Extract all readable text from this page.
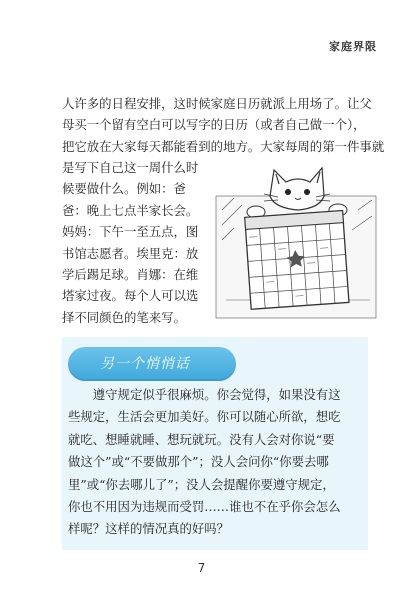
家庭界限
人许多的日程安排，这时候家庭日历就派上用场了。让父
母买一个留有空白可以写字的日历（或者自己做一个），
把它放在大家每天都能看到的地方。大家每周的第一件事就
是写下自己这一周什么时
候要做什么。例如：爸
爸：晚上七点半家长会。
妈妈：下午一至五点，图
书馆志愿者。埃里克：放
学后踢足球。肖娜：在维
塔家过夜。每个人可以选
择不同颜色的笔来写。
另一个悄悄话
　　遵守规定似乎很麻烦。你会觉得，如果没有这
些规定，生活会更加美好。你可以随心所欲，想吃
就吃、想睡就睡、想玩就玩。没有人会对你说“要
做这个”或“不要做那个”；没人会问你“你要去哪
里”或“你去哪儿了”；没人会提醒你要遵守规定，
你也不用因为违规而受罚……谁也不在乎你会怎么
样呢？这样的情况真的好吗？
7
